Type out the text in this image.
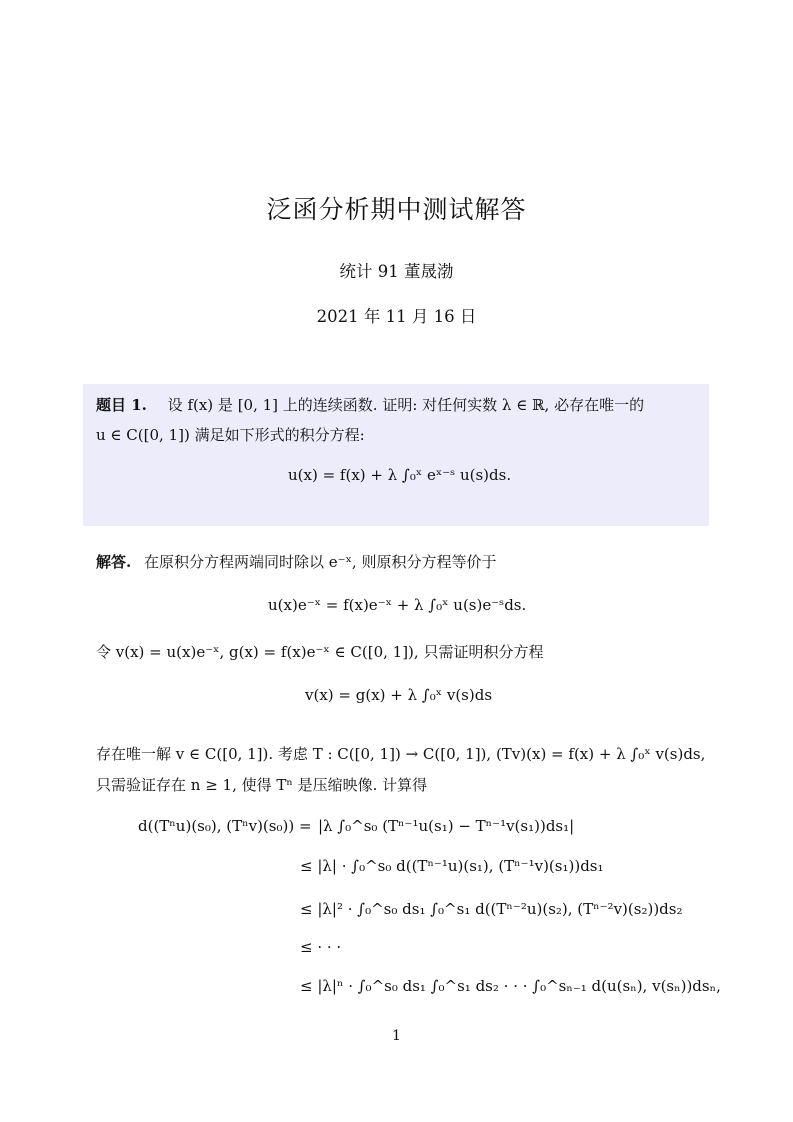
泛函分析期中测试解答
统计 91 董晟渤
2021 年 11 月 16 日
题目 1. 设 f(x) 是 [0, 1] 上的连续函数. 证明: 对任何实数 λ ∈ ℝ, 必存在唯一的
u ∈ C([0, 1]) 满足如下形式的积分方程:
u(x) = f(x) + λ ∫₀ˣ eˣ⁻ˢ u(s)ds.
解答. 在原积分方程两端同时除以 e⁻ˣ, 则原积分方程等价于
u(x)e⁻ˣ = f(x)e⁻ˣ + λ ∫₀ˣ u(s)e⁻ˢds.
令 v(x) = u(x)e⁻ˣ, g(x) = f(x)e⁻ˣ ∈ C([0, 1]), 只需证明积分方程
v(x) = g(x) + λ ∫₀ˣ v(s)ds
存在唯一解 v ∈ C([0, 1]). 考虑 T : C([0, 1]) → C([0, 1]), (Tv)(x) = f(x) + λ ∫₀ˣ v(s)ds,
只需验证存在 n ≥ 1, 使得 Tⁿ 是压缩映像. 计算得
d((Tⁿu)(s₀), (Tⁿv)(s₀)) = |λ ∫₀^s₀ (Tⁿ⁻¹u(s₁) − Tⁿ⁻¹v(s₁))ds₁|
≤ |λ| · ∫₀^s₀ d((Tⁿ⁻¹u)(s₁), (Tⁿ⁻¹v)(s₁))ds₁
≤ |λ|² · ∫₀^s₀ ds₁ ∫₀^s₁ d((Tⁿ⁻²u)(s₂), (Tⁿ⁻²v)(s₂))ds₂
≤ · · ·
≤ |λ|ⁿ · ∫₀^s₀ ds₁ ∫₀^s₁ ds₂ · · · ∫₀^sₙ₋₁ d(u(sₙ), v(sₙ))dsₙ,
1
